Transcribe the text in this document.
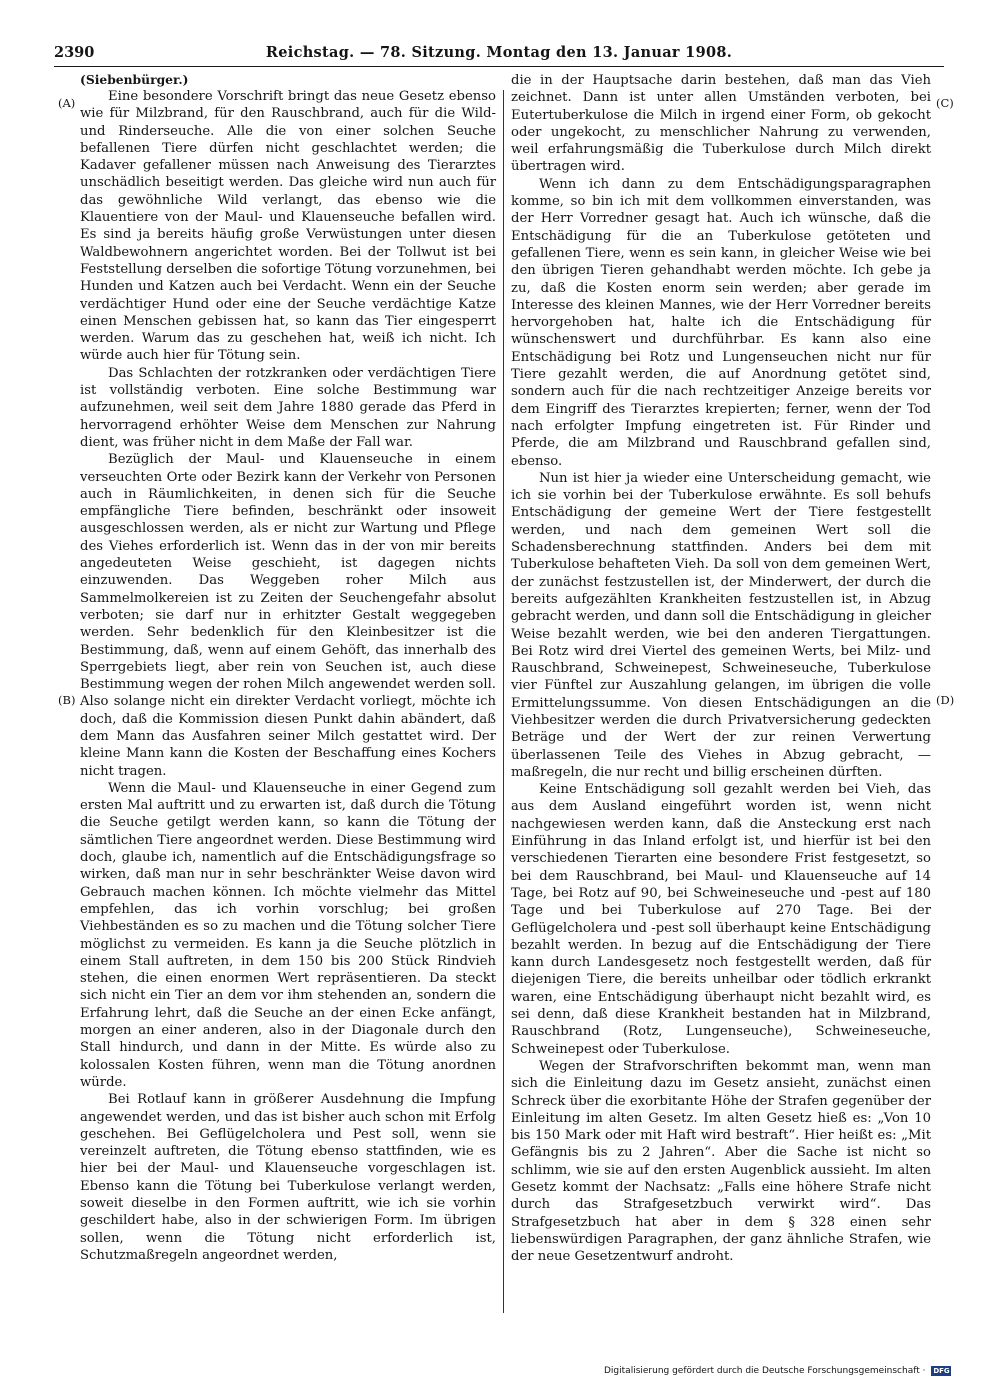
2390	Reichstag. — 78. Sitzung. Montag den 13. Januar 1908.
(A)
(B)
(C)
(D)

(Siebenbürger.)

Eine besondere Vorschrift bringt das neue Gesetz ebenso wie für Milzbrand, für den Rauschbrand, auch für die Wild- und Rinderseuche. Alle die von einer solchen Seuche befallenen Tiere dürfen nicht geschlachtet werden; die Kadaver gefallener müssen nach Anweisung des Tierarztes unschädlich beseitigt werden. Das gleiche wird nun auch für das gewöhnliche Wild verlangt, das ebenso wie die Klauentiere von der Maul- und Klauenseuche befallen wird. Es sind ja bereits häufig große Verwüstungen unter diesen Waldbewohnern angerichtet worden. Bei der Tollwut ist bei Feststellung derselben die sofortige Tötung vorzunehmen, bei Hunden und Katzen auch bei Verdacht. Wenn ein der Seuche verdächtiger Hund oder eine der Seuche verdächtige Katze einen Menschen gebissen hat, so kann das Tier eingesperrt werden. Warum das zu geschehen hat, weiß ich nicht. Ich würde auch hier für Tötung sein.

Das Schlachten der rotzkranken oder verdächtigen Tiere ist vollständig verboten. Eine solche Bestimmung war aufzunehmen, weil seit dem Jahre 1880 gerade das Pferd in hervorragend erhöhter Weise dem Menschen zur Nahrung dient, was früher nicht in dem Maße der Fall war.

Bezüglich der Maul- und Klauenseuche in einem verseuchten Orte oder Bezirk kann der Verkehr von Personen auch in Räumlichkeiten, in denen sich für die Seuche empfängliche Tiere befinden, beschränkt oder insoweit ausgeschlossen werden, als er nicht zur Wartung und Pflege des Viehes erforderlich ist. Wenn das in der von mir bereits angedeuteten Weise geschieht, ist dagegen nichts einzuwenden. Das Weggeben roher Milch aus Sammelmolkereien ist zu Zeiten der Seuchengefahr absolut verboten; sie darf nur in erhitzter Gestalt weggegeben werden. Sehr bedenklich für den Kleinbesitzer ist die Bestimmung, daß, wenn auf einem Gehöft, das innerhalb des Sperrgebiets liegt, aber rein von Seuchen ist, auch diese Bestimmung wegen der rohen Milch angewendet werden soll. Also solange nicht ein direkter Verdacht vorliegt, möchte ich doch, daß die Kommission diesen Punkt dahin abändert, daß dem Mann das Ausfahren seiner Milch gestattet wird. Der kleine Mann kann die Kosten der Beschaffung eines Kochers nicht tragen.

Wenn die Maul- und Klauenseuche in einer Gegend zum ersten Mal auftritt und zu erwarten ist, daß durch die Tötung die Seuche getilgt werden kann, so kann die Tötung der sämtlichen Tiere angeordnet werden. Diese Bestimmung wird doch, glaube ich, namentlich auf die Entschädigungsfrage so wirken, daß man nur in sehr beschränkter Weise davon wird Gebrauch machen können. Ich möchte vielmehr das Mittel empfehlen, das ich vorhin vorschlug; bei großen Viehbeständen es so zu machen und die Tötung solcher Tiere möglichst zu vermeiden. Es kann ja die Seuche plötzlich in einem Stall auftreten, in dem 150 bis 200 Stück Rindvieh stehen, die einen enormen Wert repräsentieren. Da steckt sich nicht ein Tier an dem vor ihm stehenden an, sondern die Erfahrung lehrt, daß die Seuche an der einen Ecke anfängt, morgen an einer anderen, also in der Diagonale durch den Stall hindurch, und dann in der Mitte. Es würde also zu kolossalen Kosten führen, wenn man die Tötung anordnen würde.

Bei Rotlauf kann in größerer Ausdehnung die Impfung angewendet werden, und das ist bisher auch schon mit Erfolg geschehen. Bei Geflügelcholera und Pest soll, wenn sie vereinzelt auftreten, die Tötung ebenso stattfinden, wie es hier bei der Maul- und Klauenseuche vorgeschlagen ist. Ebenso kann die Tötung bei Tuberkulose verlangt werden, soweit dieselbe in den Formen auftritt, wie ich sie vorhin geschildert habe, also in der schwierigen Form. Im übrigen sollen, wenn die Tötung nicht erforderlich ist, Schutzmaßregeln angeordnet werden,

die in der Hauptsache darin bestehen, daß man das Vieh zeichnet. Dann ist unter allen Umständen verboten, bei Eutertuberkulose die Milch in irgend einer Form, ob gekocht oder ungekocht, zu menschlicher Nahrung zu verwenden, weil erfahrungsmäßig die Tuberkulose durch Milch direkt übertragen wird.

Wenn ich dann zu dem Entschädigungsparagraphen komme, so bin ich mit dem vollkommen einverstanden, was der Herr Vorredner gesagt hat. Auch ich wünsche, daß die Entschädigung für die an Tuberkulose getöteten und gefallenen Tiere, wenn es sein kann, in gleicher Weise wie bei den übrigen Tieren gehandhabt werden möchte. Ich gebe ja zu, daß die Kosten enorm sein werden; aber gerade im Interesse des kleinen Mannes, wie der Herr Vorredner bereits hervorgehoben hat, halte ich die Entschädigung für wünschenswert und durchführbar. Es kann also eine Entschädigung bei Rotz und Lungenseuchen nicht nur für Tiere gezahlt werden, die auf Anordnung getötet sind, sondern auch für die nach rechtzeitiger Anzeige bereits vor dem Eingriff des Tierarztes krepierten; ferner, wenn der Tod nach erfolgter Impfung eingetreten ist. Für Rinder und Pferde, die am Milzbrand und Rauschbrand gefallen sind, ebenso.

Nun ist hier ja wieder eine Unterscheidung gemacht, wie ich sie vorhin bei der Tuberkulose erwähnte. Es soll behufs Entschädigung der gemeine Wert der Tiere festgestellt werden, und nach dem gemeinen Wert soll die Schadensberechnung stattfinden. Anders bei dem mit Tuberkulose behafteten Vieh. Da soll von dem gemeinen Wert, der zunächst festzustellen ist, der Minderwert, der durch die bereits aufgezählten Krankheiten festzustellen ist, in Abzug gebracht werden, und dann soll die Entschädigung in gleicher Weise bezahlt werden, wie bei den anderen Tiergattungen. Bei Rotz wird drei Viertel des gemeinen Werts, bei Milz- und Rauschbrand, Schweinepest, Schweineseuche, Tuberkulose vier Fünftel zur Auszahlung gelangen, im übrigen die volle Ermittelungssumme. Von diesen Entschädigungen an die Viehbesitzer werden die durch Privatversicherung gedeckten Beträge und der Wert der zur reinen Verwertung überlassenen Teile des Viehes in Abzug gebracht, — maßregeln, die nur recht und billig erscheinen dürften.

Keine Entschädigung soll gezahlt werden bei Vieh, das aus dem Ausland eingeführt worden ist, wenn nicht nachgewiesen werden kann, daß die Ansteckung erst nach Einführung in das Inland erfolgt ist, und hierfür ist bei den verschiedenen Tierarten eine besondere Frist festgesetzt, so bei dem Rauschbrand, bei Maul- und Klauenseuche auf 14 Tage, bei Rotz auf 90, bei Schweineseuche und -pest auf 180 Tage und bei Tuberkulose auf 270 Tage. Bei der Geflügelcholera und -pest soll überhaupt keine Entschädigung bezahlt werden. In bezug auf die Entschädigung der Tiere kann durch Landesgesetz noch festgestellt werden, daß für diejenigen Tiere, die bereits unheilbar oder tödlich erkrankt waren, eine Entschädigung überhaupt nicht bezahlt wird, es sei denn, daß diese Krankheit bestanden hat in Milzbrand, Rauschbrand (Rotz, Lungenseuche), Schweineseuche, Schweinepest oder Tuberkulose.

Wegen der Strafvorschriften bekommt man, wenn man sich die Einleitung dazu im Gesetz ansieht, zunächst einen Schreck über die exorbitante Höhe der Strafen gegenüber der Einleitung im alten Gesetz. Im alten Gesetz hieß es: „Von 10 bis 150 Mark oder mit Haft wird bestraft“. Hier heißt es: „Mit Gefängnis bis zu 2 Jahren“. Aber die Sache ist nicht so schlimm, wie sie auf den ersten Augenblick aussieht. Im alten Gesetz kommt der Nachsatz: „Falls eine höhere Strafe nicht durch das Strafgesetzbuch verwirkt wird“. Das Strafgesetzbuch hat aber in dem § 328 einen sehr liebenswürdigen Paragraphen, der ganz ähnliche Strafen, wie der neue Gesetzentwurf androht.

Digitalisierung gefördert durch die Deutsche Forschungsgemeinschaft · DFG
